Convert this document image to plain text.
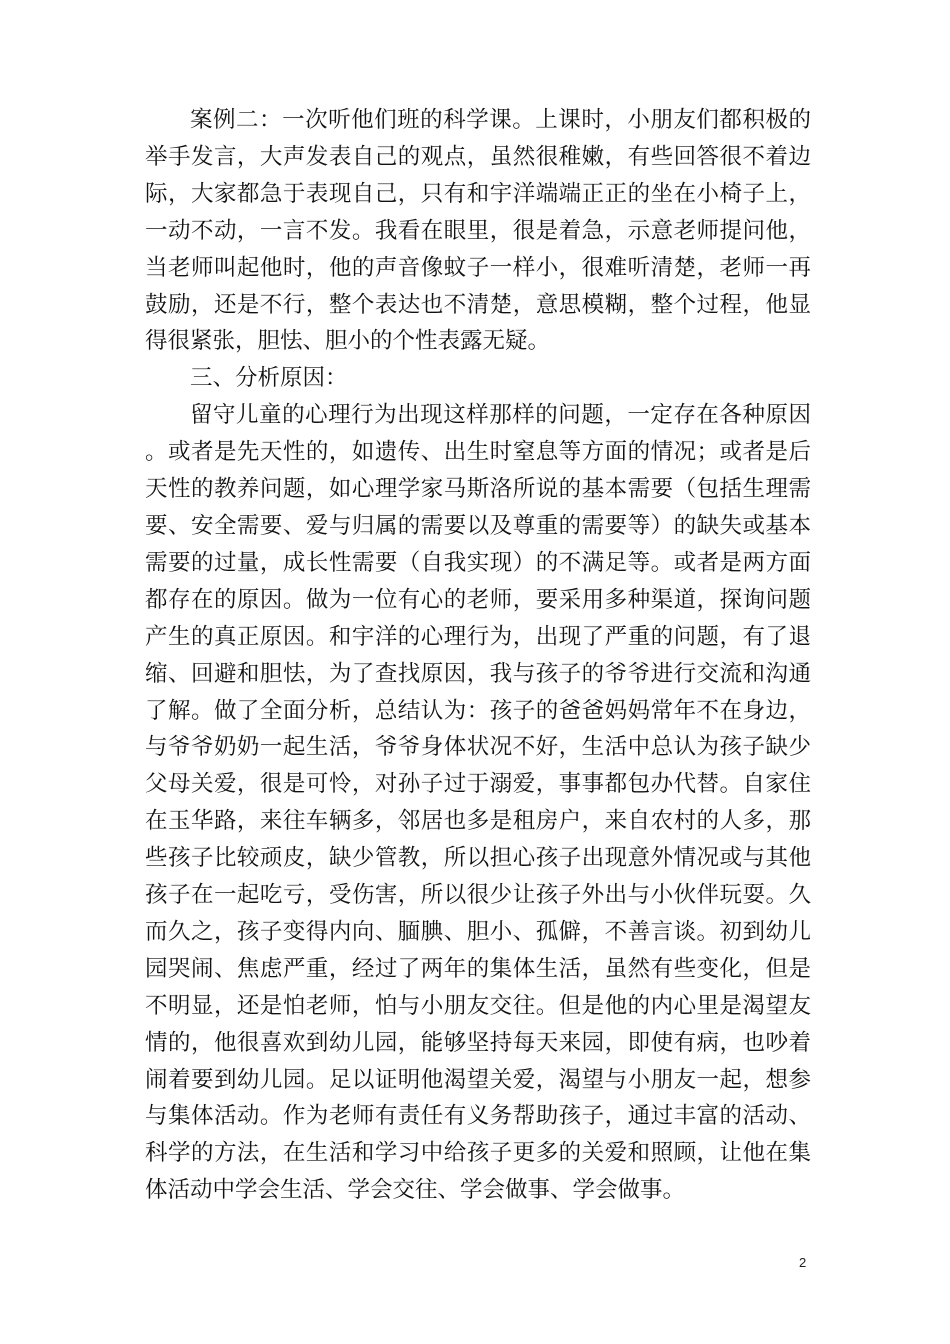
案例二：一次听他们班的科学课。上课时，小朋友们都积极的举手发言，大声发表自己的观点，虽然很稚嫩，有些回答很不着边际，大家都急于表现自己，只有和宇洋端端正正的坐在小椅子上，一动不动，一言不发。我看在眼里，很是着急，示意老师提问他，当老师叫起他时，他的声音像蚊子一样小，很难听清楚，老师一再鼓励，还是不行，整个表达也不清楚，意思模糊，整个过程，他显得很紧张，胆怯、胆小的个性表露无疑。

三、分析原因：

留守儿童的心理行为出现这样那样的问题，一定存在各种原因。或者是先天性的，如遗传、出生时窒息等方面的情况；或者是后天性的教养问题，如心理学家马斯洛所说的基本需要（包括生理需要、安全需要、爱与归属的需要以及尊重的需要等）的缺失或基本需要的过量，成长性需要（自我实现）的不满足等。或者是两方面都存在的原因。做为一位有心的老师，要采用多种渠道，探询问题产生的真正原因。和宇洋的心理行为，出现了严重的问题，有了退缩、回避和胆怯，为了查找原因，我与孩子的爷爷进行交流和沟通了解。做了全面分析，总结认为：孩子的爸爸妈妈常年不在身边，与爷爷奶奶一起生活，爷爷身体状况不好，生活中总认为孩子缺少父母关爱，很是可怜，对孙子过于溺爱，事事都包办代替。自家住在玉华路，来往车辆多，邻居也多是租房户，来自农村的人多，那些孩子比较顽皮，缺少管教，所以担心孩子出现意外情况或与其他孩子在一起吃亏，受伤害，所以很少让孩子外出与小伙伴玩耍。久而久之，孩子变得内向、腼腆、胆小、孤僻，不善言谈。初到幼儿园哭闹、焦虑严重，经过了两年的集体生活，虽然有些变化，但是不明显，还是怕老师，怕与小朋友交往。但是他的内心里是渴望友情的，他很喜欢到幼儿园，能够坚持每天来园，即使有病，也吵着闹着要到幼儿园。足以证明他渴望关爱，渴望与小朋友一起，想参与集体活动。作为老师有责任有义务帮助孩子，通过丰富的活动、科学的方法，在生活和学习中给孩子更多的关爱和照顾，让他在集体活动中学会生活、学会交往、学会做事、学会做事。

2
